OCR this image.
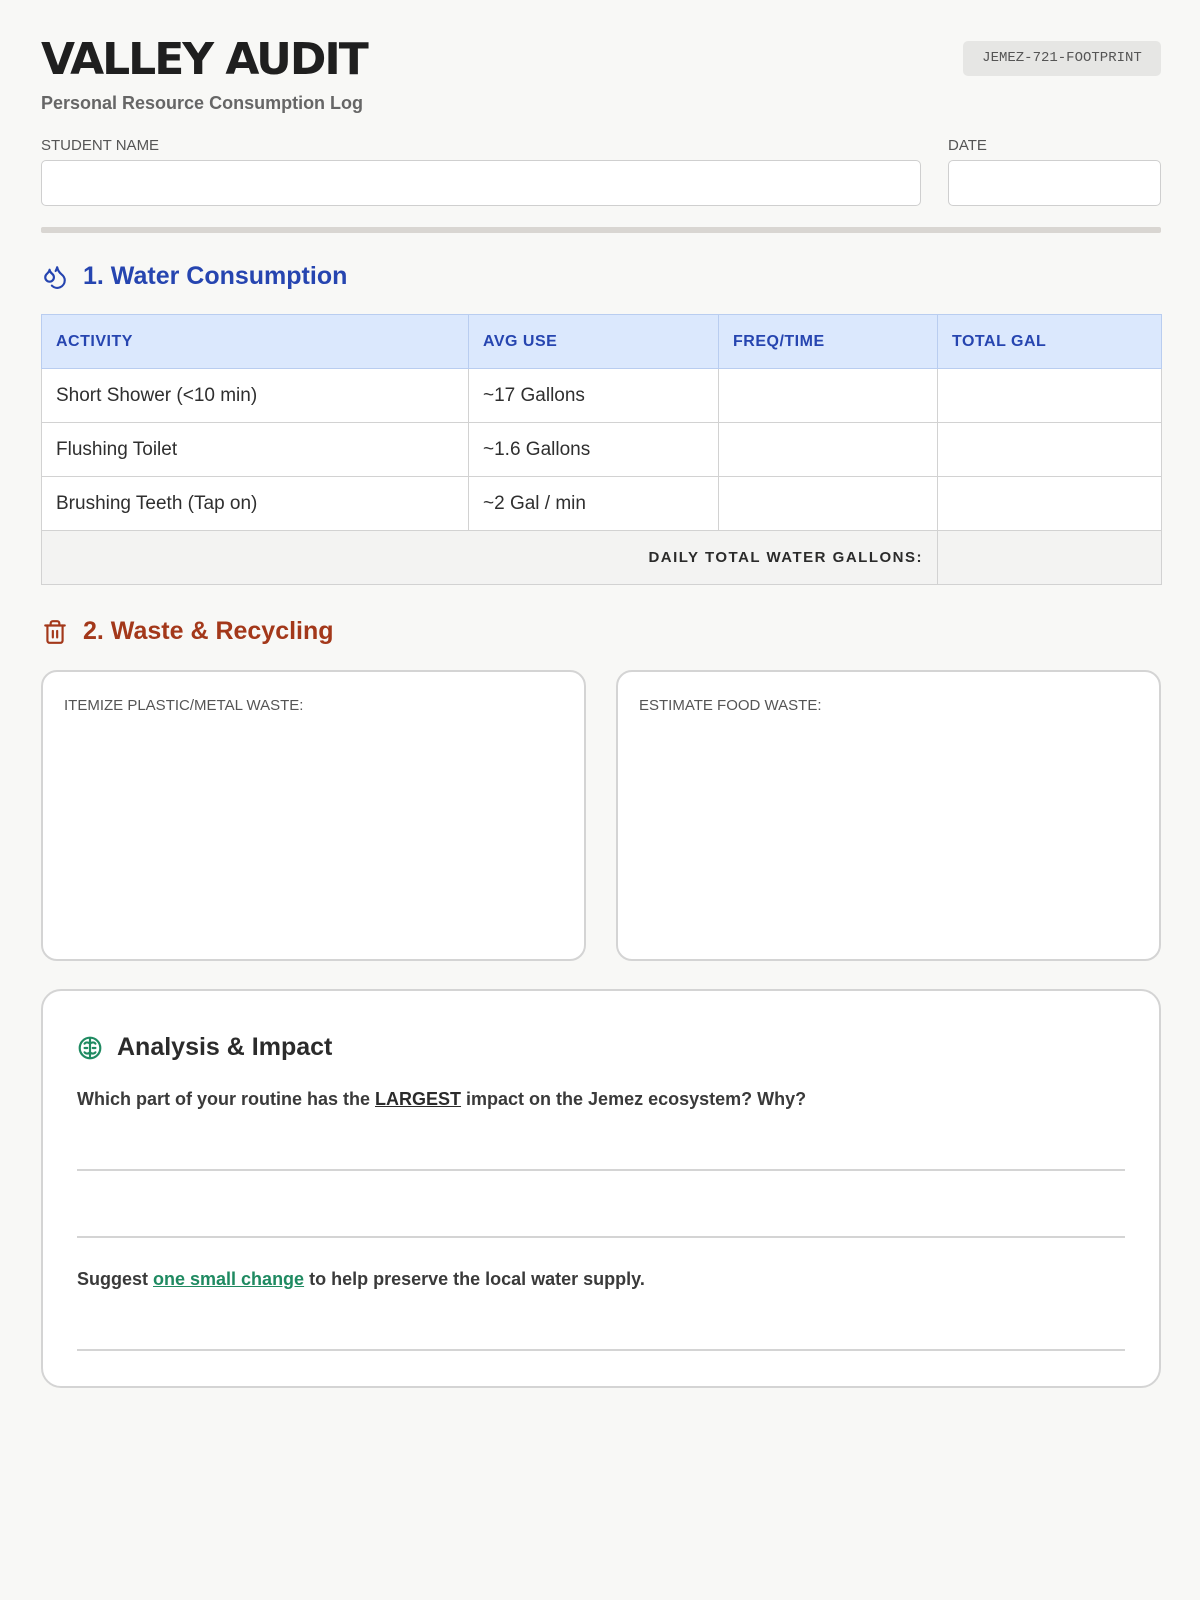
VALLEY AUDIT
Personal Resource Consumption Log
JEMEZ-721-FOOTPRINT
STUDENT NAME	DATE
1. Water Consumption
ACTIVITY	AVG USE	FREQ/TIME	TOTAL GAL
Short Shower (<10 min)	~17 Gallons		
Flushing Toilet	~1.6 Gallons		
Brushing Teeth (Tap on)	~2 Gal / min		
DAILY TOTAL WATER GALLONS:			
2. Waste & Recycling
ITEMIZE PLASTIC/METAL WASTE:	ESTIMATE FOOD WASTE:
Analysis & Impact
Which part of your routine has the LARGEST impact on the Jemez ecosystem? Why?
Suggest one small change to help preserve the local water supply.
